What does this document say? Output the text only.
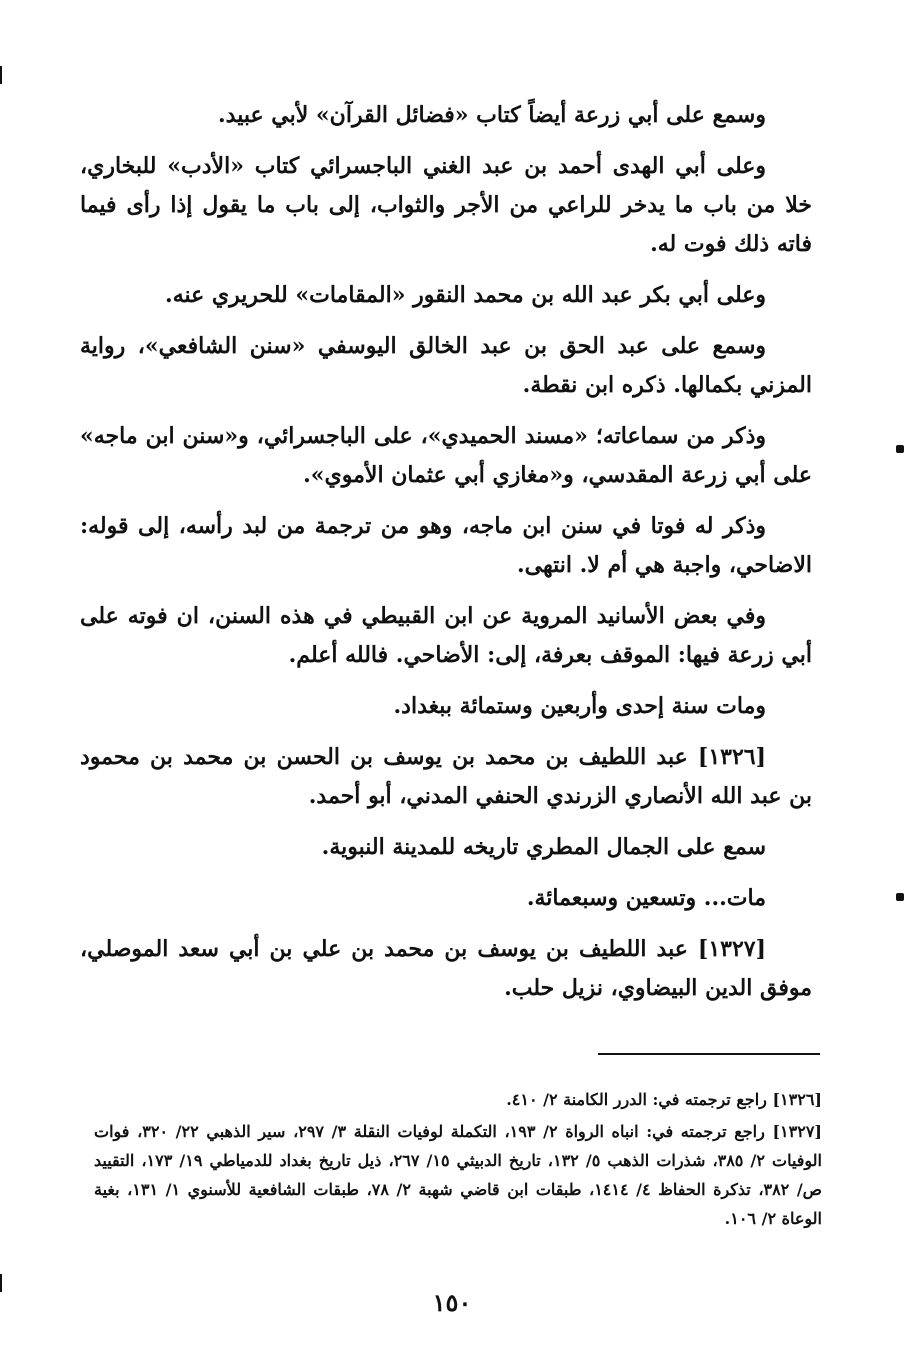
وسمع على أبي زرعة أيضاً كتاب «فضائل القرآن» لأبي عبيد.

وعلى أبي الهدى أحمد بن عبد الغني الباجسرائي كتاب «الأدب» للبخاري، خلا من باب ما يدخر للراعي من الأجر والثواب، إلى باب ما يقول إذا رأى فيما فاته ذلك فوت له.

وعلى أبي بكر عبد الله بن محمد النقور «المقامات» للحريري عنه.

وسمع على عبد الحق بن عبد الخالق اليوسفي «سنن الشافعي»، رواية المزني بكمالها. ذكره ابن نقطة.

وذكر من سماعاته؛ «مسند الحميدي»، على الباجسرائي، و«سنن ابن ماجه» على أبي زرعة المقدسي، و«مغازي أبي عثمان الأموي».

وذكر له فوتا في سنن ابن ماجه، وهو من ترجمة من لبد رأسه، إلى قوله: الاضاحي، واجبة هي أم لا. انتهى.

وفي بعض الأسانيد المروية عن ابن القبيطي في هذه السنن، ان فوته على أبي زرعة فيها: الموقف بعرفة، إلى: الأضاحي. فالله أعلم.

ومات سنة إحدى وأربعين وستمائة ببغداد.

[١٣٢٦] عبد اللطيف بن محمد بن يوسف بن الحسن بن محمد بن محمود بن عبد الله الأنصاري الزرندي الحنفي المدني، أبو أحمد.

سمع على الجمال المطري تاريخه للمدينة النبوية.

مات... وتسعين وسبعمائة.

[١٣٢٧] عبد اللطيف بن يوسف بن محمد بن علي بن أبي سعد الموصلي، موفق الدين البيضاوي، نزيل حلب.

[١٣٢٦] راجع ترجمته في: الدرر الكامنة ٢/ ٤١٠.

[١٣٢٧] راجع ترجمته في: انباه الرواة ٢/ ١٩٣، التكملة لوفيات النقلة ٣/ ٢٩٧، سير الذهبي ٢٢/ ٣٢٠، فوات الوفيات ٢/ ٣٨٥، شذرات الذهب ٥/ ١٣٢، تاريخ الدبيثي ١٥/ ٢٦٧، ذيل تاريخ بغداد للدمياطي ١٩/ ١٧٣، التقييد ص/ ٣٨٢، تذكرة الحفاظ ٤/ ١٤١٤، طبقات ابن قاضي شهبة ٢/ ٧٨، طبقات الشافعية للأسنوي ١/ ١٣١، بغية الوعاة ٢/ ١٠٦.

١٥٠
